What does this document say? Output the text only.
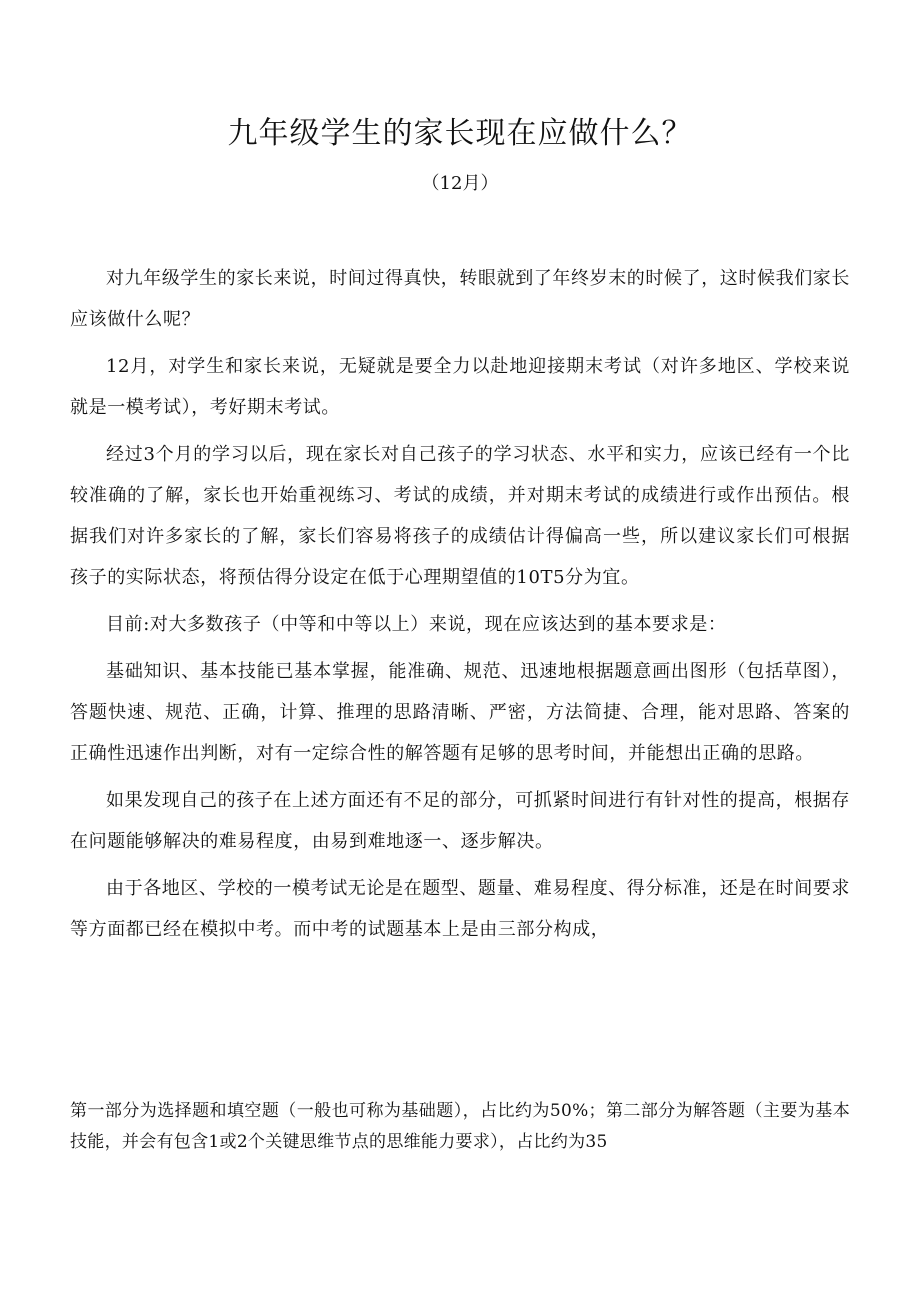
九年级学生的家长现在应做什么？
（12月）

对九年级学生的家长来说，时间过得真快，转眼就到了年终岁末的时候了，这时候我们家长应该做什么呢？

12月，对学生和家长来说，无疑就是要全力以赴地迎接期末考试（对许多地区、学校来说就是一模考试），考好期末考试。

经过3个月的学习以后，现在家长对自己孩子的学习状态、水平和实力，应该已经有一个比较准确的了解，家长也开始重视练习、考试的成绩，并对期末考试的成绩进行或作出预估。根据我们对许多家长的了解，家长们容易将孩子的成绩估计得偏高一些，所以建议家长们可根据孩子的实际状态，将预估得分设定在低于心理期望值的10T5分为宜。

目前:对大多数孩子（中等和中等以上）来说，现在应该达到的基本要求是：

基础知识、基本技能已基本掌握，能准确、规范、迅速地根据题意画出图形（包括草图），答题快速、规范、正确，计算、推理的思路清晰、严密，方法简捷、合理，能对思路、答案的正确性迅速作出判断，对有一定综合性的解答题有足够的思考时间，并能想出正确的思路。

如果发现自己的孩子在上述方面还有不足的部分，可抓紧时间进行有针对性的提高，根据存在问题能够解决的难易程度，由易到难地逐一、逐步解决。

由于各地区、学校的一模考试无论是在题型、题量、难易程度、得分标准，还是在时间要求等方面都已经在模拟中考。而中考的试题基本上是由三部分构成，

第一部分为选择题和填空题（一般也可称为基础题），占比约为50%；第二部分为解答题（主要为基本技能，并会有包含1或2个关键思维节点的思维能力要求），占比约为35
